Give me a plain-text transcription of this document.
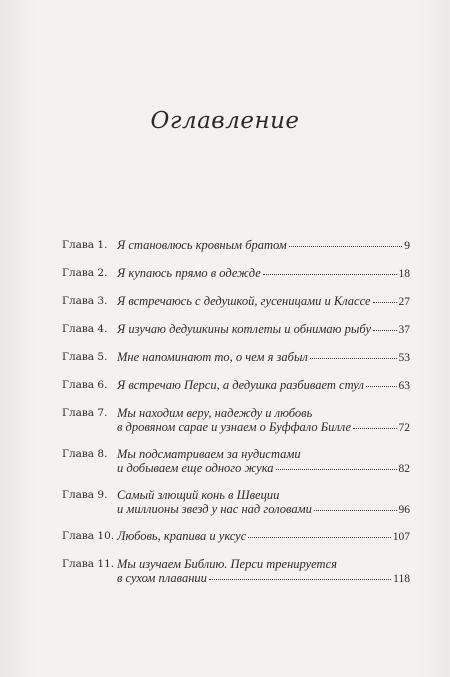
Оглавление
Глава 1. Я становлюсь кровным братом	9
Глава 2. Я купаюсь прямо в одежде	18
Глава 3. Я встречаюсь с дедушкой, гусеницами и Классе 27
Глава 4. Я изучаю дедушкины котлеты и обнимаю рыбу 37
Глава 5. Мне напоминают то, о чем я забыл	53
Глава 6. Я встречаю Перси, а дедушка разбивает стул	63
Глава 7. Мы находим веру, надежду и любовь
в дровяном сарае и узнаем о Буффало Билле	72
Глава 8. Мы подсматриваем за нудистами
и добываем еще одного жука	82
Глава 9. Самый злющий конь в Швеции
и миллионы звезд у нас над головами	96
Глава 10. Любовь, крапива и уксус	107
Глава 11. Мы изучаем Библию. Перси тренируется
в сухом плавании	118
